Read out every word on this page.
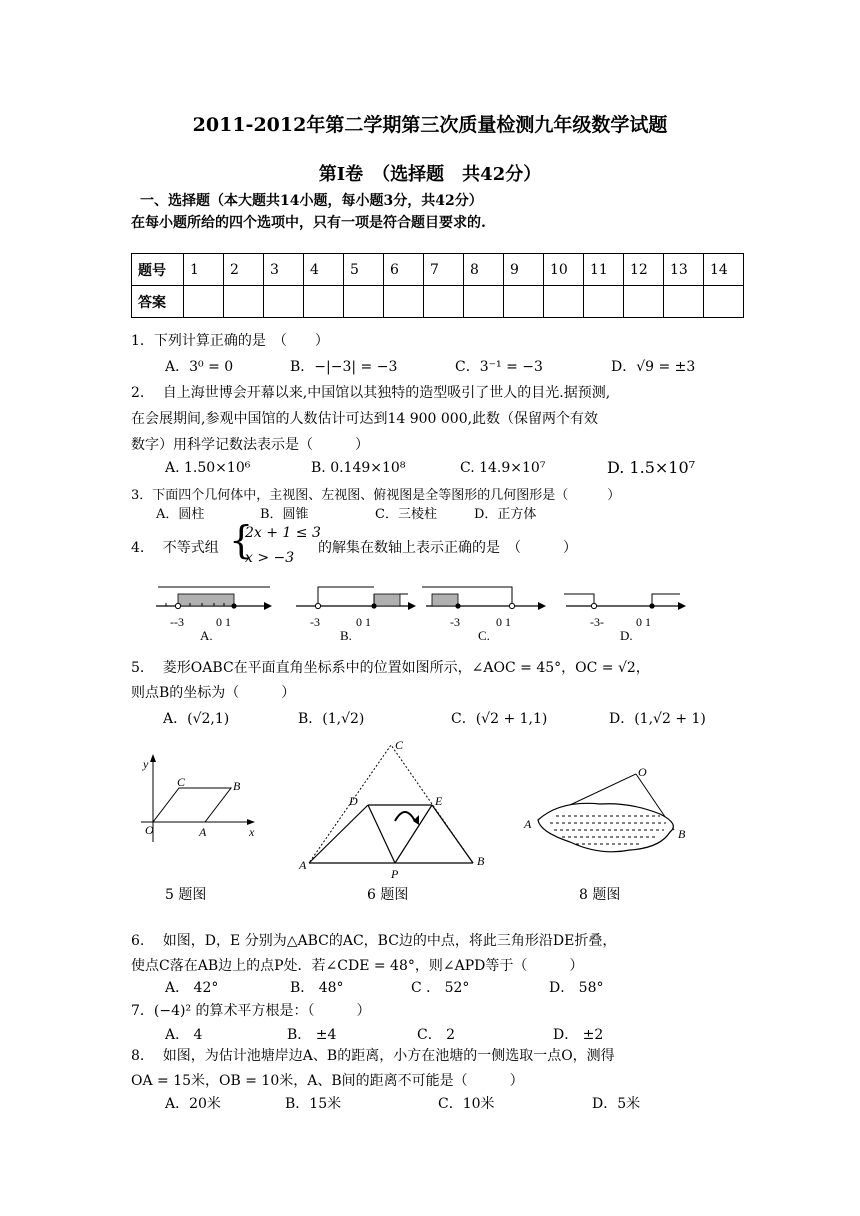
2011-2012年第二学期第三次质量检测九年级数学试题
第Ⅰ卷　（选择题　共42分）
一、选择题（本大题共14小题，每小题3分，共42分）
在每小题所给的四个选项中，只有一项是符合题目要求的.
题号	1	2	3	4	5	6	7	8	9	10	11	12	13	14
答案														
1．下列计算正确的是　（　　）
A．3⁰ = 0	B．−|−3| = −3	C．3⁻¹ = −3	D．√9 = ±3
2.　 自上海世博会开幕以来,中国馆以其独特的造型吸引了世人的目光.据预测,
在会展期间,参观中国馆的人数估计可达到14 900 000,此数（保留两个有效
数字）用科学记数法表示是（　　　）
A. 1.50×10⁶	B. 0.149×10⁸	C. 14.9×10⁷	D. 1.5×10⁷
3．下面四个几何体中，主视图、左视图、俯视图是全等图形的几何图形是（　　　）
A．圆柱	B．圆锥	C．三棱柱	D．正方体
4.　 不等式组 {
2x + 1 ≤ 3
x > −3
的解集在数轴上表示正确的是　（　　　）
--3	0 1
A.
-3	0 1
B.
-3	0 1
C.
-3-	0 1
D.
5.　 菱形OABC在平面直角坐标系中的位置如图所示，∠AOC = 45°，OC = √2，
则点B的坐标为（　　　）
A．(√2,1)	B．(1,√2)	C．(√2 + 1,1)	D．(1,√2 + 1)
y
x
O	A
B
C
5 题图
C
D	E
A	B
P
6 题图
O
A
B
8 题图
6.　 如图，D，E 分别为△ABC的AC，BC边的中点，将此三角形沿DE折叠，
使点C落在AB边上的点P处．若∠CDE = 48°，则∠APD等于（　　　）
A． 42°	B． 48°	C ． 52°	D． 58°
7．(−4)² 的算术平方根是：（　　　）
A． 4	B． ±4	C． 2	D． ±2
8.　 如图，为估计池塘岸边A、B的距离，小方在池塘的一侧选取一点O，测得
OA = 15米，OB = 10米，A、B间的距离不可能是（　　　）
A．20米	B．15米	C．10米	D．5米
